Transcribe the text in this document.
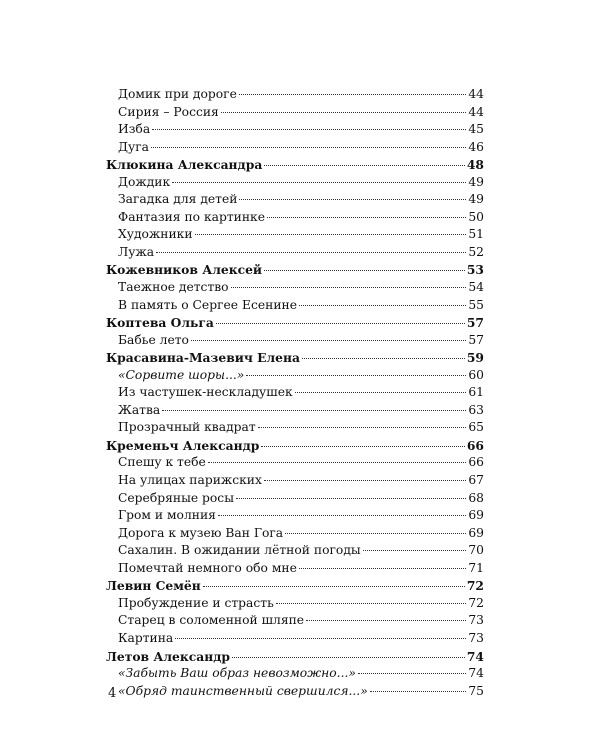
Домик при дороге	44
Сирия – Россия	44
Изба	45
Дуга	46
Клюкина Александра	48
Дождик	49
Загадка для детей	49
Фантазия по картинке	50
Художники	51
Лужа	52
Кожевников Алексей	53
Таежное детство	54
В память о Сергее Есенине	55
Коптева Ольга	57
Бабье лето	57
Красавина-Мазевич Елена	59
«Сорвите шоры...»	60
Из частушек-нескладушек	61
Жатва	63
Прозрачный квадрат	65
Кременьч Александр	66
Спешу к тебе	66
На улицах парижских	67
Серебряные росы	68
Гром и молния	69
Дорога к музею Ван Гога	69
Сахалин. В ожидании лётной погоды	70
Помечтай немного обо мне	71
Левин Семён	72
Пробуждение и страсть	72
Старец в соломенной шляпе	73
Картина	73
Летов Александр	74
«Забыть Ваш образ невозможно...»	74
«Обряд таинственный свершился...»	75
4
